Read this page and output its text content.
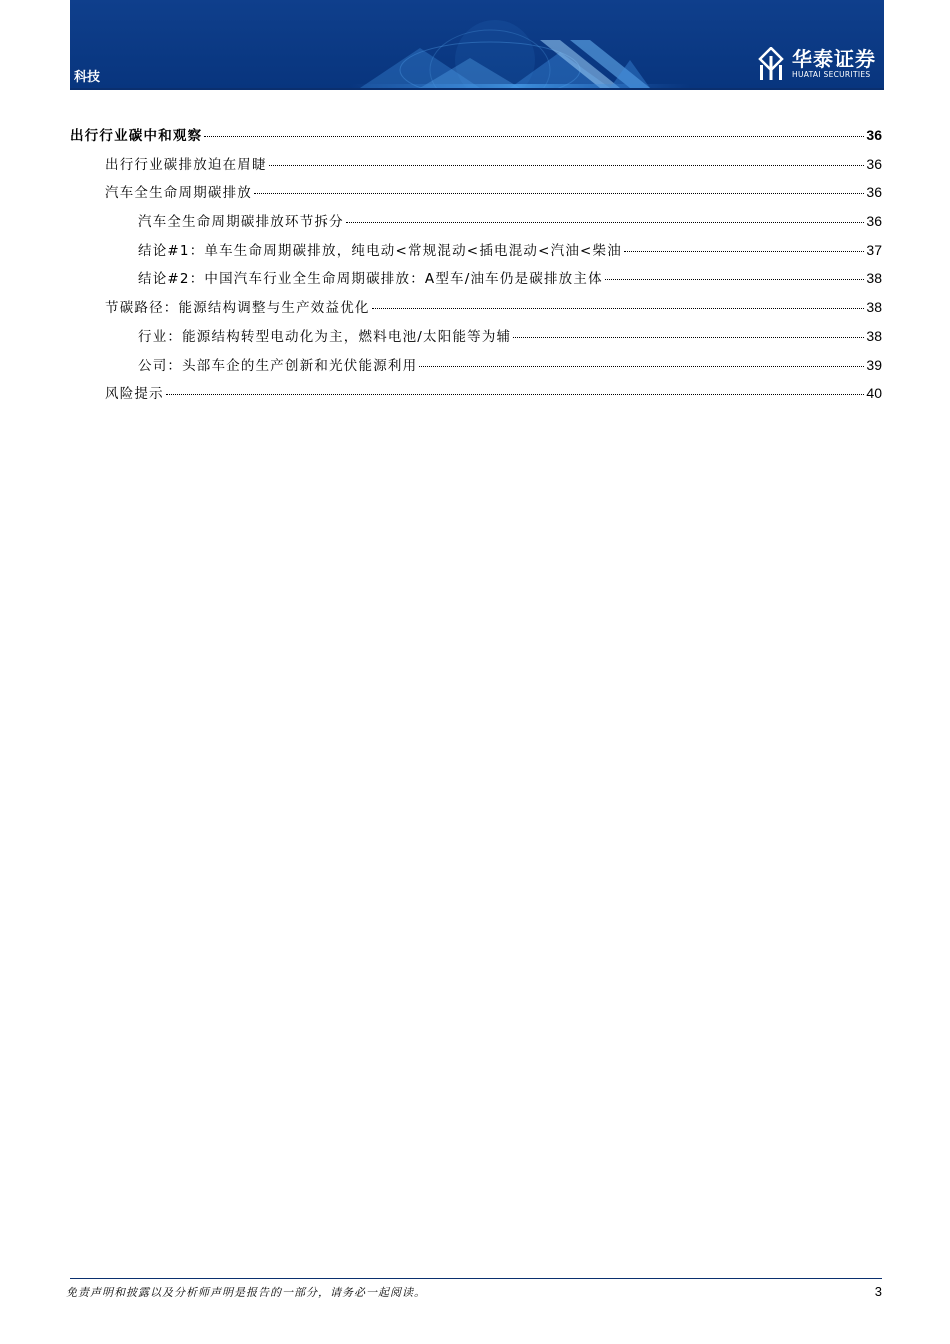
科技
华泰证券
HUATAI SECURITIES
出行行业碳中和观察	36
出行行业碳排放迫在眉睫	36
汽车全生命周期碳排放	36
汽车全生命周期碳排放环节拆分	36
结论#1：单车生命周期碳排放，纯电动<常规混动<插电混动<汽油<柴油	37
结论#2：中国汽车行业全生命周期碳排放：A型车/油车仍是碳排放主体	38
节碳路径：能源结构调整与生产效益优化	38
行业：能源结构转型电动化为主，燃料电池/太阳能等为辅	38
公司：头部车企的生产创新和光伏能源利用	39
风险提示	40
免责声明和披露以及分析师声明是报告的一部分，请务必一起阅读。	3
